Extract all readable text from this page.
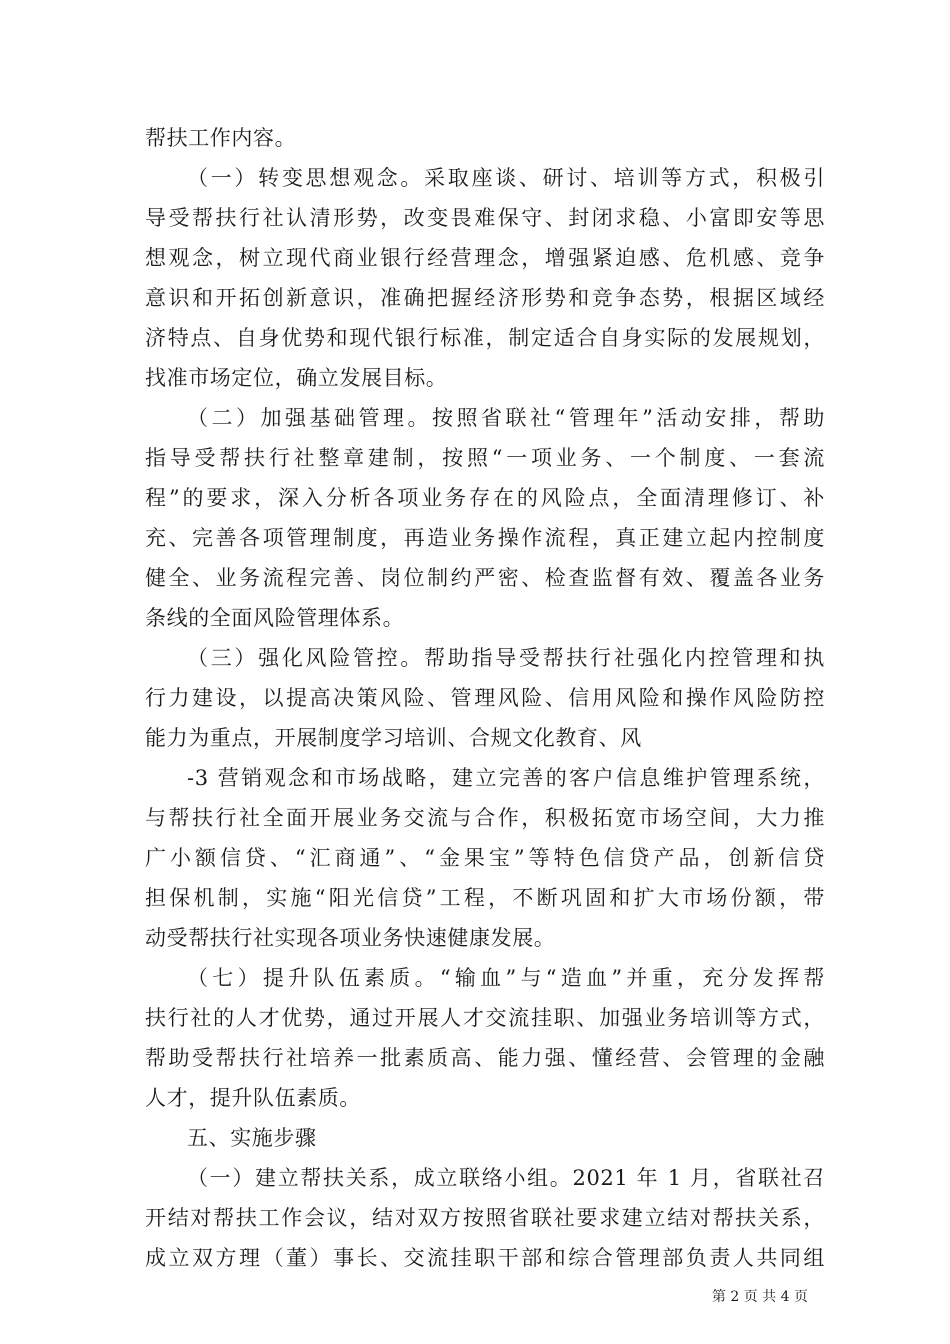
帮扶工作内容。
（一）转变思想观念。采取座谈、研讨、培训等方式，积极引
导受帮扶行社认清形势，改变畏难保守、封闭求稳、小富即安等思
想观念，树立现代商业银行经营理念，增强紧迫感、危机感、竞争
意识和开拓创新意识，准确把握经济形势和竞争态势，根据区域经
济特点、自身优势和现代银行标准，制定适合自身实际的发展规划，
找准市场定位，确立发展目标。
（二）加强基础管理。按照省联社“管理年”活动安排，帮助
指导受帮扶行社整章建制，按照“一项业务、一个制度、一套流
程”的要求，深入分析各项业务存在的风险点，全面清理修订、补
充、完善各项管理制度，再造业务操作流程，真正建立起内控制度
健全、业务流程完善、岗位制约严密、检查监督有效、覆盖各业务
条线的全面风险管理体系。
（三）强化风险管控。帮助指导受帮扶行社强化内控管理和执
行力建设，以提高决策风险、管理风险、信用风险和操作风险防控
能力为重点，开展制度学习培训、合规文化教育、风
-3 营销观念和市场战略，建立完善的客户信息维护管理系统，
与帮扶行社全面开展业务交流与合作，积极拓宽市场空间，大力推
广小额信贷、“汇商通”、“金果宝”等特色信贷产品，创新信贷
担保机制，实施“阳光信贷”工程，不断巩固和扩大市场份额，带
动受帮扶行社实现各项业务快速健康发展。
（七）提升队伍素质。“输血”与“造血”并重，充分发挥帮
扶行社的人才优势，通过开展人才交流挂职、加强业务培训等方式，
帮助受帮扶行社培养一批素质高、能力强、懂经营、会管理的金融
人才，提升队伍素质。
五、实施步骤
（一）建立帮扶关系，成立联络小组。2021 年 1 月，省联社召
开结对帮扶工作会议，结对双方按照省联社要求建立结对帮扶关系，
成立双方理（董）事长、交流挂职干部和综合管理部负责人共同组
第 2 页 共 4 页
